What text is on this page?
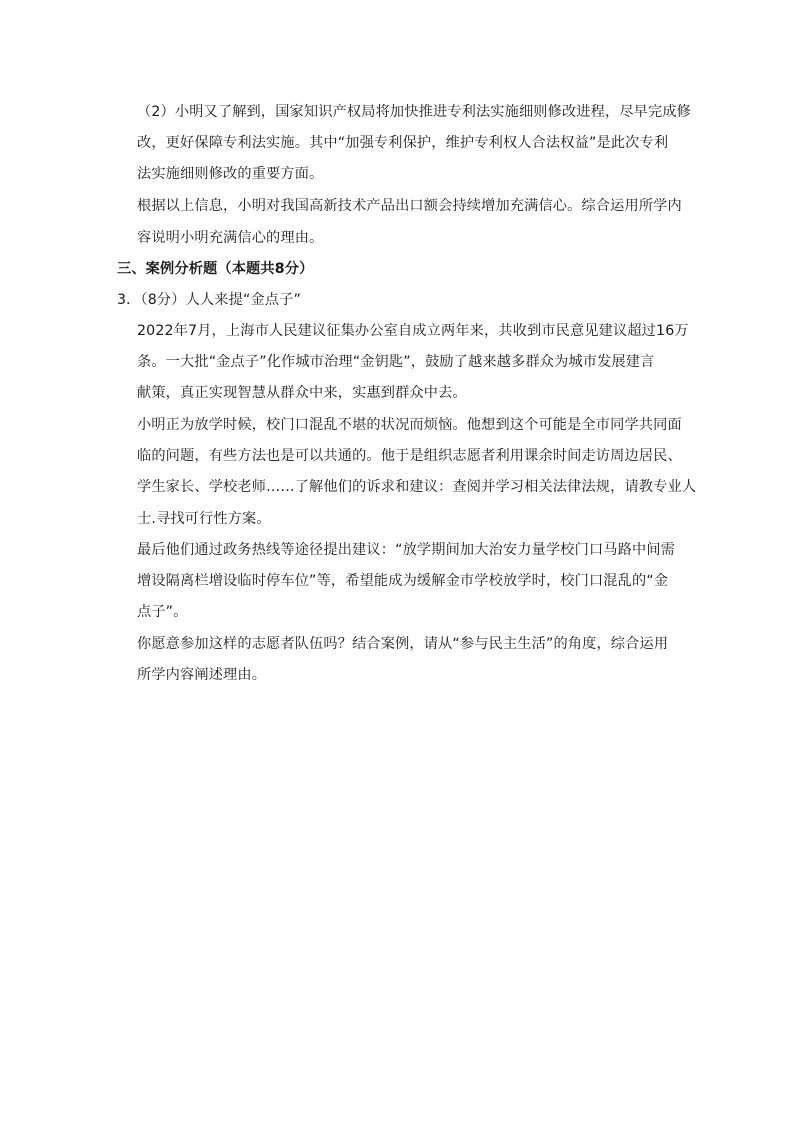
（2）小明又了解到，国家知识产权局将加快推进专利法实施细则修改进程，尽早完成修
改，更好保障专利法实施。其中“加强专利保护，维护专利权人合法权益”是此次专利
法实施细则修改的重要方面。
根据以上信息，小明对我国高新技术产品出口额会持续增加充满信心。综合运用所学内
容说明小明充满信心的理由。
三、案例分析题（本题共8分）
3．（8分）人人来提“金点子”
2022年7月，上海市人民建议征集办公室自成立两年来，共收到市民意见建议超过16万
条。一大批“金点子”化作城市治理“金钥匙”，鼓励了越来越多群众为城市发展建言
献策，真正实现智慧从群众中来，实惠到群众中去。
小明正为放学时候，校门口混乱不堪的状况而烦恼。他想到这个可能是全市同学共同面
临的问题，有些方法也是可以共通的。他于是组织志愿者利用课余时间走访周边居民、
学生家长、学校老师……了解他们的诉求和建议：查阅并学习相关法律法规，请教专业人
士.寻找可行性方案。
最后他们通过政务热线等途径提出建议：“放学期间加大治安力量学校门口马路中间需
增设隔离栏增设临时停车位”等，希望能成为缓解金市学校放学时，校门口混乱的“金
点子”。
你愿意参加这样的志愿者队伍吗？结合案例，请从“参与民主生活”的角度，综合运用
所学内容阐述理由。
